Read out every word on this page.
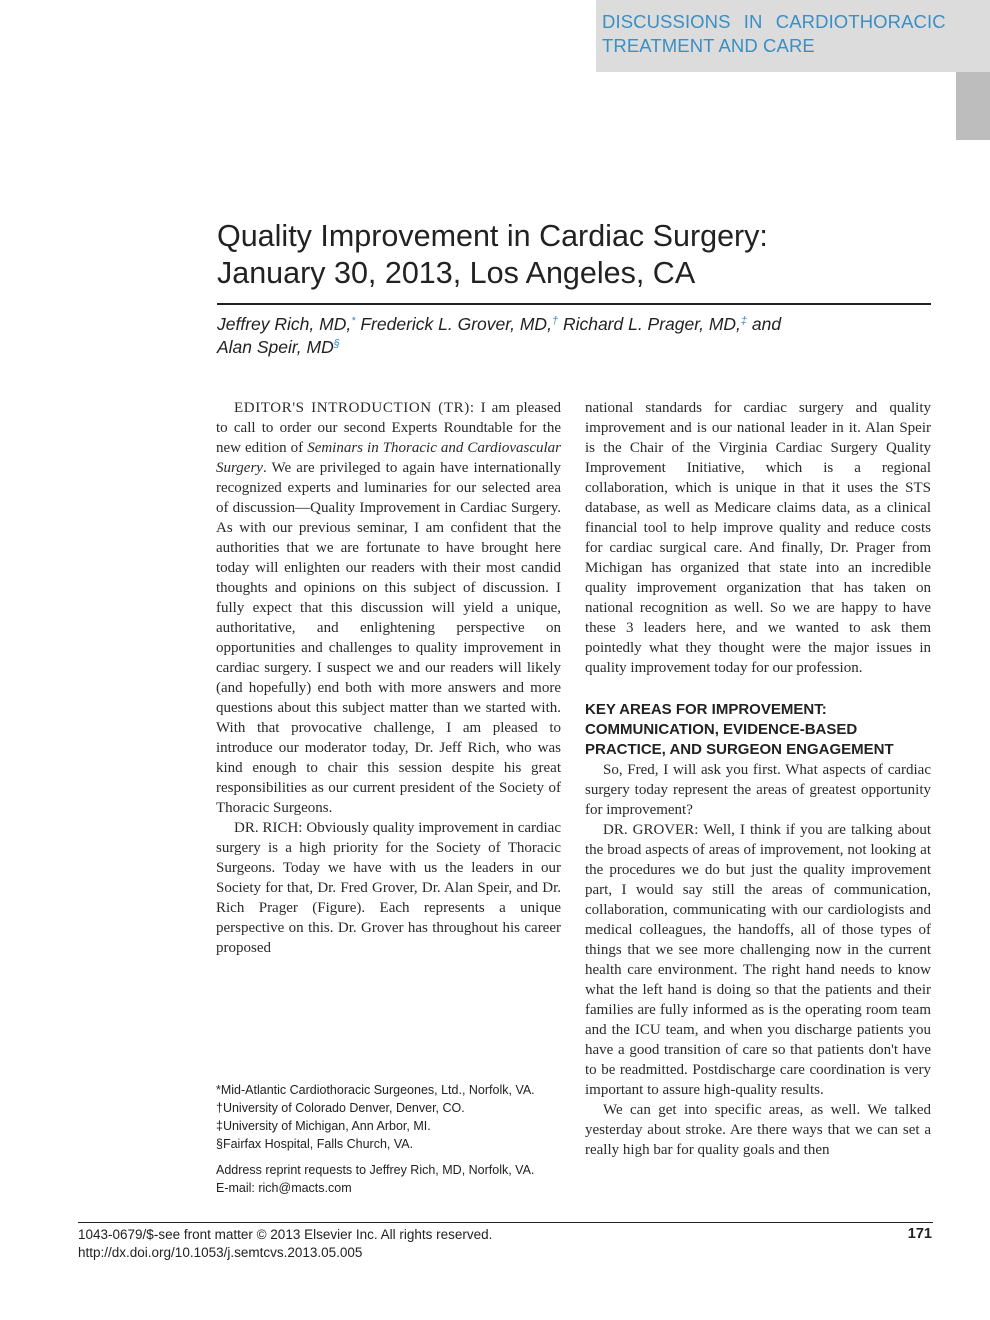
DISCUSSIONS IN CARDIOTHORACIC
TREATMENT AND CARE
Quality Improvement in Cardiac Surgery:
January 30, 2013, Los Angeles, CA
Jeffrey Rich, MD,* Frederick L. Grover, MD,† Richard L. Prager, MD,‡ and
Alan Speir, MD§

EDITOR'S INTRODUCTION (TR): I am pleased to call to order our second Experts Roundtable for the new edition of Seminars in Thoracic and Cardiovascular Surgery. We are privileged to again have internationally recognized experts and luminaries for our selected area of discussion—Quality Improvement in Cardiac Surgery. As with our previous seminar, I am confident that the authorities that we are fortunate to have brought here today will enlighten our readers with their most candid thoughts and opinions on this subject of discussion. I fully expect that this discussion will yield a unique, authoritative, and enlightening perspective on opportunities and challenges to quality improvement in cardiac surgery. I suspect we and our readers will likely (and hopefully) end both with more answers and more questions about this subject matter than we started with. With that provocative challenge, I am pleased to introduce our moderator today, Dr. Jeff Rich, who was kind enough to chair this session despite his great responsibilities as our current president of the Society of Thoracic Surgeons.

DR. RICH: Obviously quality improvement in cardiac surgery is a high priority for the Society of Thoracic Surgeons. Today we have with us the leaders in our Society for that, Dr. Fred Grover, Dr. Alan Speir, and Dr. Rich Prager (Figure). Each represents a unique perspective on this. Dr. Grover has throughout his career proposed

national standards for cardiac surgery and quality improvement and is our national leader in it. Alan Speir is the Chair of the Virginia Cardiac Surgery Quality Improvement Initiative, which is a regional collaboration, which is unique in that it uses the STS database, as well as Medicare claims data, as a clinical financial tool to help improve quality and reduce costs for cardiac surgical care. And finally, Dr. Prager from Michigan has organized that state into an incredible quality improvement organization that has taken on national recognition as well. So we are happy to have these 3 leaders here, and we wanted to ask them pointedly what they thought were the major issues in quality improvement today for our profession.

KEY AREAS FOR IMPROVEMENT: COMMUNICATION, EVIDENCE-BASED PRACTICE, AND SURGEON ENGAGEMENT

So, Fred, I will ask you first. What aspects of cardiac surgery today represent the areas of greatest opportunity for improvement?

DR. GROVER: Well, I think if you are talking about the broad aspects of areas of improvement, not looking at the procedures we do but just the quality improvement part, I would say still the areas of communication, collaboration, communicating with our cardiologists and medical colleagues, the handoffs, all of those types of things that we see more challenging now in the current health care environment. The right hand needs to know what the left hand is doing so that the patients and their families are fully informed as is the operating room team and the ICU team, and when you discharge patients you have a good transition of care so that patients don't have to be readmitted. Postdischarge care coordination is very important to assure high-quality results.

We can get into specific areas, as well. We talked yesterday about stroke. Are there ways that we can set a really high bar for quality goals and then

*Mid-Atlantic Cardiothoracic Surgeones, Ltd., Norfolk, VA.
†University of Colorado Denver, Denver, CO.
‡University of Michigan, Ann Arbor, MI.
§Fairfax Hospital, Falls Church, VA.
Address reprint requests to Jeffrey Rich, MD, Norfolk, VA.
E-mail: rich@macts.com
1043-0679/$-see front matter © 2013 Elsevier Inc. All rights reserved.
http://dx.doi.org/10.1053/j.semtcvs.2013.05.005
171
